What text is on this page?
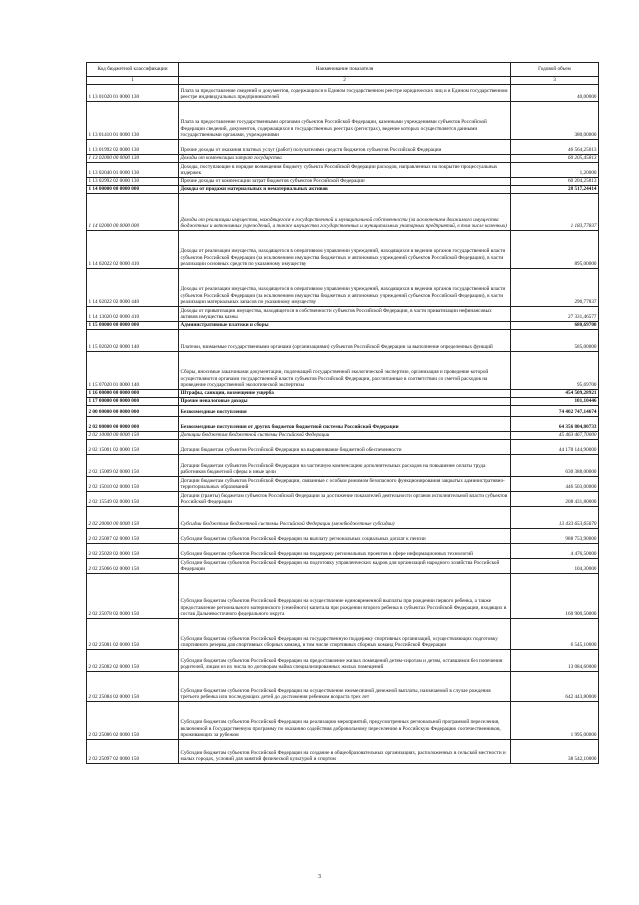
Код бюджетной классификации	Наименование показателя	Годовой объем
1	2	3
1 13 01020 01 0000 130	Плата за предоставление сведений и документов, содержащихся в Едином государственном реестре юридических лиц и в Едином государственном реестре индивидуальных предпринимателей	40,00000
1 13 01410 01 0000 130	Плата за предоставление государственными органами субъектов Российской Федерации, казенными учреждениями субъектов Российской Федерации сведений, документов, содержащихся в государственных реестрах (регистрах), ведение которых осуществляется данными государственными органами, учреждениями	380,00000
1 13 01992 02 0000 130	Прочие доходы от оказания платных услуг (работ) получателями средств бюджетов субъектов Российской Федерации	46 564,25013
1 13 02000 00 0000 130	Доходы от компенсации затрат государства	60 205,45813
1 13 02040 01 0000 130	Доходы, поступающие в порядке возмещения бюджету субъекта Российской Федерации расходов, направленных на покрытие процессуальных издержек	1,20000
1 13 02992 02 0000 130	Прочие доходы от компенсации затрат бюджетов субъектов Российской Федерации	60 204,25813
1 14 00000 00 0000 000	Доходы от продажи материальных и нематериальных активов	28 517,24414
1 14 02000 00 0000 000	Доходы от реализации имущества, находящегося в государственной и муниципальной собственности (за исключением движимого имущества бюджетных и автономных учреждений, а также имущества государственных и муниципальных унитарных предприятий, в том числе казенных)	1 183,77837
1 14 02022 02 0000 410	Доходы от реализации имущества, находящегося в оперативном управлении учреждений, находящихся в ведении органов государственной власти субъектов Российской Федерации (за исключением имущества бюджетных и автономных учреждений субъектов Российской Федерации), в части реализации основных средств по указанному имуществу	895,00000
1 14 02022 02 0000 440	Доходы от реализации имущества, находящегося в оперативном управлении учреждений, находящихся в ведении органов государственной власти субъектов Российской Федерации (за исключением имущества бюджетных и автономных учреждений субъектов Российской Федерации), в части реализации материальных запасов по указанному имуществу	290,77837
1 14 13020 02 0000 410	Доходы от приватизации имущества, находящегося в собственности субъектов Российской Федерации, в части приватизации нефинансовых активов имущества казны	27 331,46577
1 15 00000 00 0000 000	Административные платежи и сборы	680,69700
1 15 02020 02 0000 140	Платежи, взимаемые государственными органами (организациями) субъектов Российской Федерации за выполнение определенных функций	585,00000
1 15 07020 01 0000 140	Сборы, вносимые заказчиками документации, подлежащей государственной экологической экспертизе, организация и проведение которой осуществляются органами государственной власти субъектов Российской Федерации, рассчитанные в соответствии со сметой расходов на проведение государственной экологической экспертизы	95,69700
1 16 00000 00 0000 000	Штрафы, санкции, возмещение ущерба	454 509,28921
1 17 00000 00 0000 000	Прочие неналоговые доходы	101,10446
2 00 00000 00 0000 000	Безвозмездные поступления	74 402 747,14674
2 02 00000 00 0000 000	Безвозмездные поступления от других бюджетов бюджетной системы Российской Федерации	64 356 804,80733
2 02 10000 00 0000 150	Дотации бюджетам бюджетной системы Российской Федерации	45 463 467,70000
2 02 15001 02 0000 150	Дотации бюджетам субъектов Российской Федерации на выравнивание бюджетной обеспеченности	44 178 144,90000
2 02 15009 02 0000 150	Дотации бюджетам субъектов Российской Федерации на частичную компенсацию дополнительных расходов на повышение оплаты труда работников бюджетной сферы и иные цели	630 388,00000
2 02 15010 02 0000 150	Дотации бюджетам субъектов Российской Федерации, связанные с особым режимом безопасного функционирования закрытых административно-территориальных образований	446 503,00000
2 02 15549 02 0000 150	Дотации (гранты) бюджетам субъектов Российской Федерации за достижение показателей деятельности органов исполнительной власти субъектов Российской Федерации	208 431,80000
2 02 20000 00 0000 150	Субсидии бюджетам бюджетной системы Российской Федерации (межбюджетные субсидии)	13 433 653,65670
2 02 25007 02 0000 150	Субсидии бюджетам субъектов Российской Федерации на выплату региональных социальных доплат к пенсии	988 753,90000
2 02 25028 02 0000 150	Субсидии бюджетам субъектов Российской Федерации на поддержку региональных проектов в сфере информационных технологий	4 476,50000
2 02 25066 02 0000 150	Субсидии бюджетам субъектов Российской Федерации на подготовку управленческих кадров для организаций народного хозяйства Российской Федерации	104,30000
2 02 25078 02 0000 150	Субсидии бюджетам субъектов Российской Федерации на осуществление единовременной выплаты при рождении первого ребенка, а также предоставление регионального материнского (семейного) капитала при рождении второго ребенка в субъектах Российской Федерации, входящих в состав Дальневосточного федерального округа	160 900,50000
2 02 25081 02 0000 150	Субсидии бюджетам субъектов Российской Федерации на государственную поддержку спортивных организаций, осуществляющих подготовку спортивного резерва для спортивных сборных команд, в том числе спортивных сборных команд Российской Федерации	6 545,10000
2 02 25082 02 0000 150	Субсидии бюджетам субъектов Российской Федерации на предоставление жилых помещений детям-сиротам и детям, оставшимся без попечения родителей, лицам из их числа по договорам найма специализированных жилых помещений	13 084,60000
2 02 25084 02 0000 150	Субсидии бюджетам субъектов Российской Федерации на осуществление ежемесячной денежной выплаты, назначаемой в случае рождения третьего ребенка или последующих детей до достижения ребенком возраста трех лет	642 443,80000
2 02 25086 02 0000 150	Субсидии бюджетам субъектов Российской Федерации на реализацию мероприятий, предусмотренных региональной программой переселения, включенной в Государственную программу по оказанию содействия добровольному переселению в Российскую Федерацию соотечественников, проживающих за рубежом	1 995,00000
2 02 25097 02 0000 150	Субсидии бюджетам субъектов Российской Федерации на создание в общеобразовательных организациях, расположенных в сельской местности и малых городах, условий для занятий физической культурой и спортом	38 542,10000
3
